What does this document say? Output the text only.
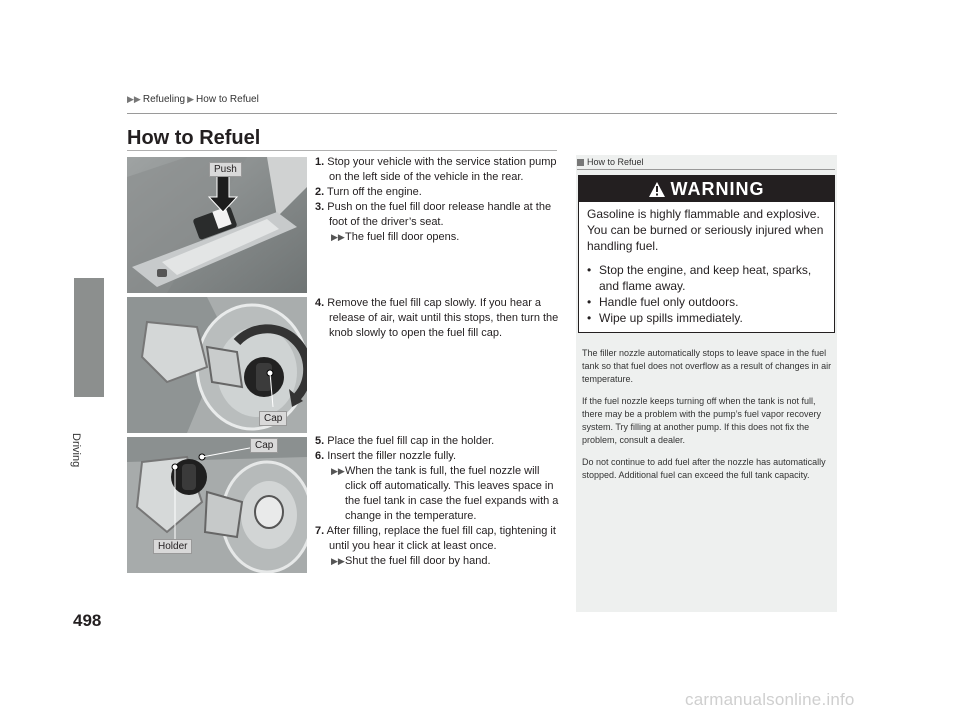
▶▶ Refueling ▶ How to Refuel
Driving
498
How to Refuel
Push
Cap
Cap
Holder

1. Stop your vehicle with the service station pump on the left side of the vehicle in the rear.

2. Turn off the engine.

3. Push on the fuel fill door release handle at the foot of the driver’s seat.

▶▶The fuel fill door opens.

4. Remove the fuel fill cap slowly. If you hear a release of air, wait until this stops, then turn the knob slowly to open the fuel fill cap.

5. Place the fuel fill cap in the holder.

6. Insert the filler nozzle fully.

▶▶When the tank is full, the fuel nozzle will click off automatically. This leaves space in the fuel tank in case the fuel expands with a change in the temperature.

7. After filling, replace the fuel fill cap, tightening it until you hear it click at least once.

▶▶Shut the fuel fill door by hand.

How to Refuel
WARNING

Gasoline is highly flammable and explosive. You can be burned or seriously injured when handling fuel.

• Stop the engine, and keep heat, sparks, and flame away.
• Handle fuel only outdoors.
• Wipe up spills immediately.

The filler nozzle automatically stops to leave space in the fuel tank so that fuel does not overflow as a result of changes in air temperature.

If the fuel nozzle keeps turning off when the tank is not full, there may be a problem with the pump’s fuel vapor recovery system. Try filling at another pump. If this does not fix the problem, consult a dealer.

Do not continue to add fuel after the nozzle has automatically stopped. Additional fuel can exceed the full tank capacity.

carmanualsonline.info
